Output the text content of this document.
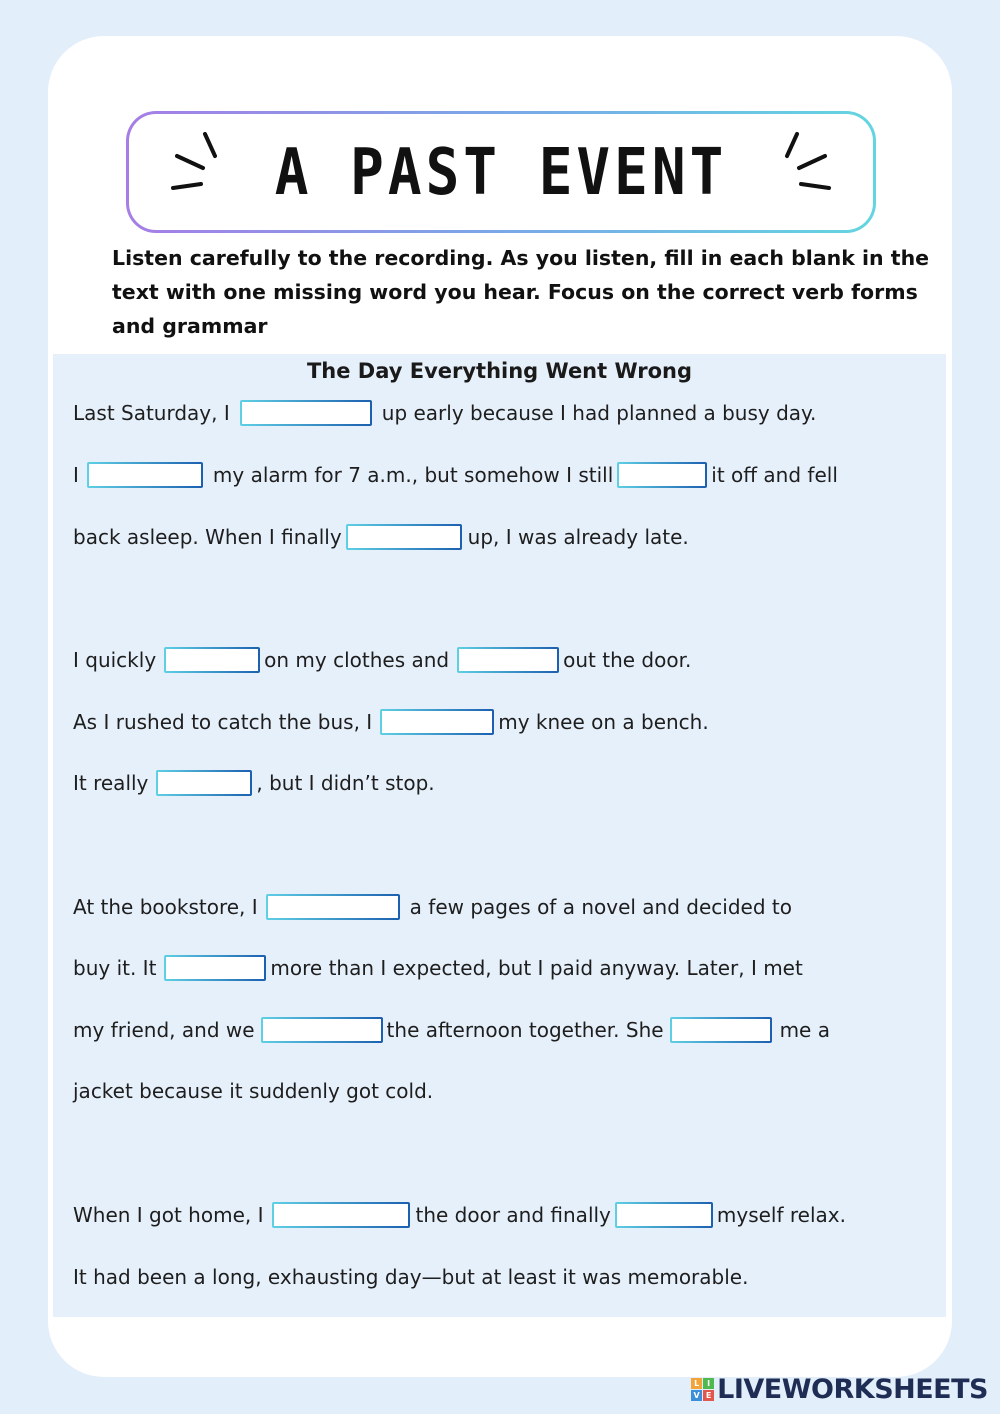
A PAST EVENT

Listen carefully to the recording. As you listen, fill in each blank in the text with one missing word you hear. Focus on the correct verb forms and grammar

The Day Everything Went Wrong
Last Saturday, I	up early because I had planned a busy day.
I	my alarm for 7 a.m., but somehow I still	it off and fell
back asleep. When I finally	up, I was already late.
I quickly	on my clothes and	out the door.
As I rushed to catch the bus, I	my knee on a bench.
It really	, but I didn’t stop.
At the bookstore, I	a few pages of a novel and decided to
buy it. It	more than I expected, but I paid anyway. Later, I met
my friend, and we	the afternoon together. She	me a
jacket because it suddenly got cold.
When I got home, I	the door and finally	myself relax.
It had been a long, exhausting day—but at least it was memorable.
L I
V E LIVEWORKSHEETS
